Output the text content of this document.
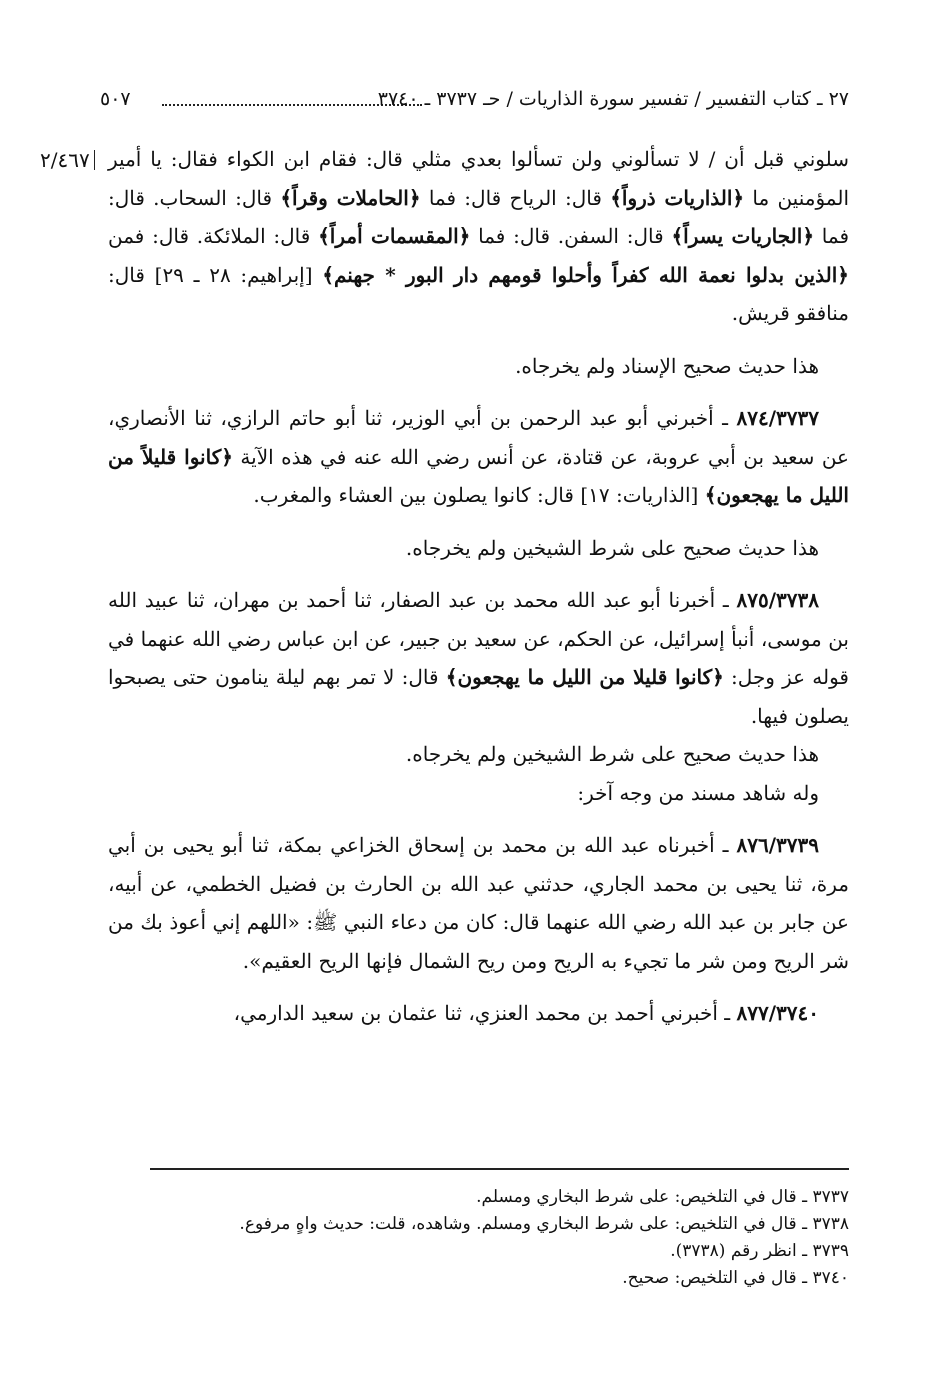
٥٠٧	٢٧ ـ كتاب التفسير / تفسير سورة الذاريات / حـ ٣٧٣٧ ـ ٣٧٤٠
٢/٤٦٧ سلوني قبل أن / لا تسألوني ولن تسألوا بعدي مثلي قال: فقام ابن الكواء فقال: يا أمير المؤمنين ما ﴿الذاريات ذرواً﴾ قال: الرياح قال: فما ﴿الحاملات وقراً﴾ قال: السحاب. قال: فما ﴿الجاريات يسراً﴾ قال: السفن. قال: فما ﴿المقسمات أمراً﴾ قال: الملائكة. قال: فمن ﴿الذين بدلوا نعمة الله كفراً وأحلوا قومهم دار البور * جهنم﴾ [إبراهيم: ٢٨ ـ ٢٩] قال: منافقو قريش.

هذا حديث صحيح الإسناد ولم يخرجاه.

٨٧٤/٣٧٣٧ ـ أخبرني أبو عبد الرحمن بن أبي الوزير، ثنا أبو حاتم الرازي، ثنا الأنصاري، عن سعيد بن أبي عروبة، عن قتادة، عن أنس رضي الله عنه في هذه الآية ﴿كانوا قليلاً من الليل ما يهجعون﴾ [الذاريات: ١٧] قال: كانوا يصلون بين العشاء والمغرب.

هذا حديث صحيح على شرط الشيخين ولم يخرجاه.

٨٧٥/٣٧٣٨ ـ أخبرنا أبو عبد الله محمد بن عبد الصفار، ثنا أحمد بن مهران، ثنا عبيد الله بن موسى، أنبأ إسرائيل، عن الحكم، عن سعيد بن جبير، عن ابن عباس رضي الله عنهما في قوله عز وجل: ﴿كانوا قليلا من الليل ما يهجعون﴾ قال: لا تمر بهم ليلة ينامون حتى يصبحوا يصلون فيها.

هذا حديث صحيح على شرط الشيخين ولم يخرجاه.

وله شاهد مسند من وجه آخر:

٨٧٦/٣٧٣٩ ـ أخبرناه عبد الله بن محمد بن إسحاق الخزاعي بمكة، ثنا أبو يحيى بن أبي مرة، ثنا يحيى بن محمد الجاري، حدثني عبد الله بن الحارث بن فضيل الخطمي، عن أبيه، عن جابر بن عبد الله رضي الله عنهما قال: كان من دعاء النبي ﷺ: «اللهم إني أعوذ بك من شر الريح ومن شر ما تجيء به الريح ومن ريح الشمال فإنها الريح العقيم».

٨٧٧/٣٧٤٠ ـ أخبرني أحمد بن محمد العنزي، ثنا عثمان بن سعيد الدارمي،

٣٧٣٧ ـ قال في التلخيص: على شرط البخاري ومسلم.

٣٧٣٨ ـ قال في التلخيص: على شرط البخاري ومسلم. وشاهده، قلت: حديث واهٍ مرفوع.

٣٧٣٩ ـ انظر رقم (٣٧٣٨).

٣٧٤٠ ـ قال في التلخيص: صحيح.
